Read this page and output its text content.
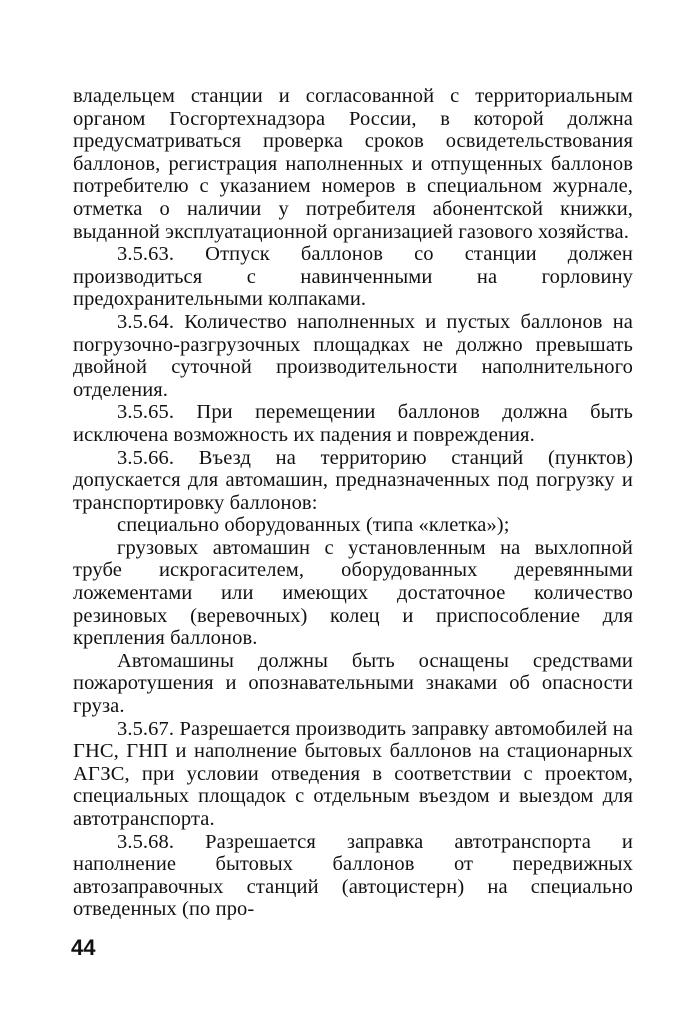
владельцем станции и согласованной с территориальным органом Госгортехнадзора России, в которой должна предусматриваться проверка сроков освидетельствования баллонов, регистрация наполненных и отпущенных баллонов потребителю с указанием номеров в специальном журнале, отметка о наличии у потребителя абонентской книжки, выданной эксплуатационной организацией газового хозяйства.

3.5.63. Отпуск баллонов со станции должен производиться с навинченными на горловину предохранительными колпаками.

3.5.64. Количество наполненных и пустых баллонов на погрузочно-разгрузочных площадках не должно превышать двойной суточной производительности наполнительного отделения.

3.5.65. При перемещении баллонов должна быть исключена возможность их падения и повреждения.

3.5.66. Въезд на территорию станций (пунктов) допускается для автомашин, предназначенных под погрузку и транспортировку баллонов:

специально оборудованных (типа «клетка»);

грузовых автомашин с установленным на выхлопной трубе искрогасителем, оборудованных деревянными ложементами или имеющих достаточное количество резиновых (веревочных) колец и приспособление для крепления баллонов.

Автомашины должны быть оснащены средствами пожаротушения и опознавательными знаками об опасности груза.

3.5.67. Разрешается производить заправку автомобилей на ГНС, ГНП и наполнение бытовых баллонов на стационарных АГЗС, при условии отведения в соответствии с проектом, специальных площадок с отдельным въездом и выездом для автотранспорта.

3.5.68. Разрешается заправка автотранспорта и наполнение бытовых баллонов от передвижных автозаправочных станций (автоцистерн) на специально отведенных (по про-

44
